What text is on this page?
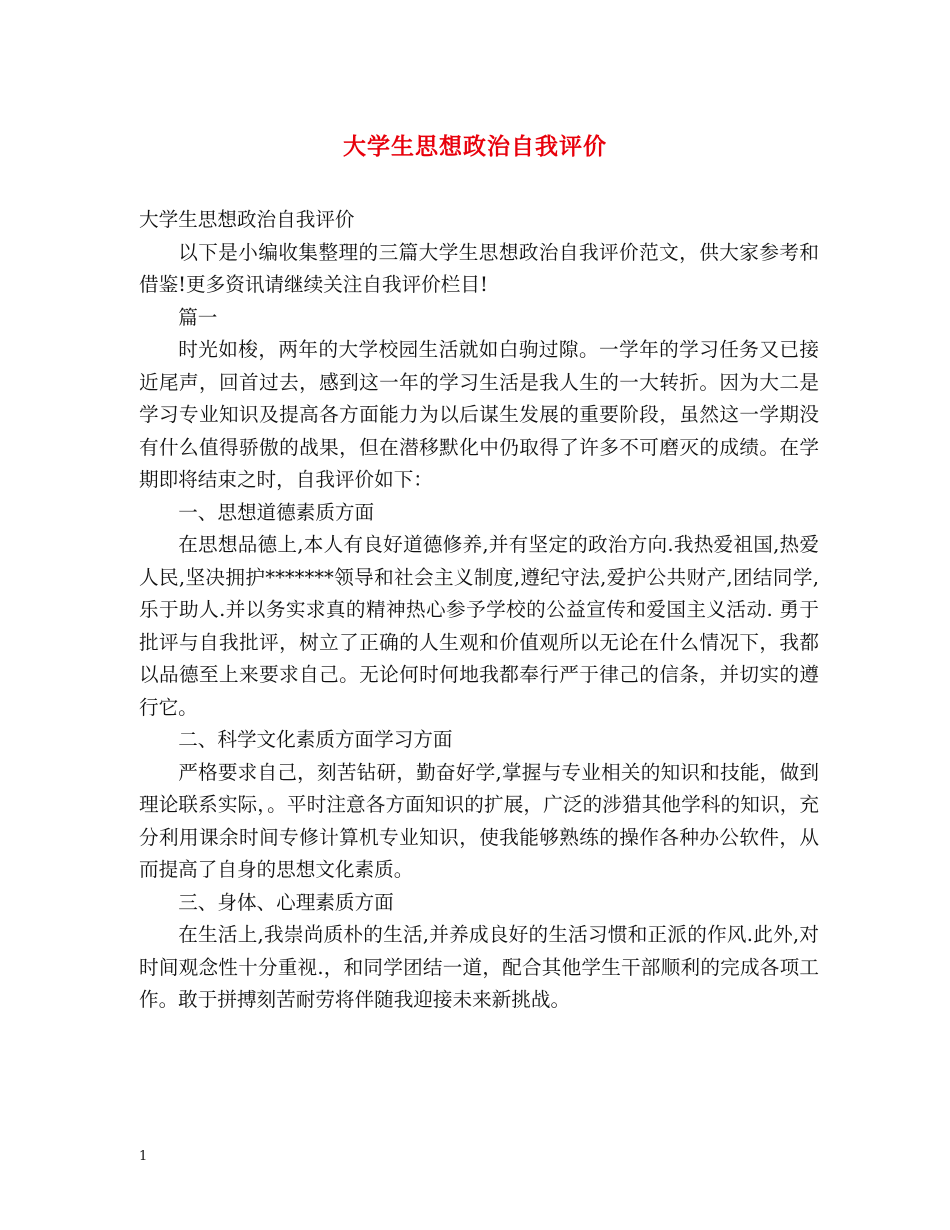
大学生思想政治自我评价

大学生思想政治自我评价

以下是小编收集整理的三篇大学生思想政治自我评价范文，供大家参考和借鉴!更多资讯请继续关注自我评价栏目!

篇一

时光如梭，两年的大学校园生活就如白驹过隙。一学年的学习任务又已接近尾声，回首过去，感到这一年的学习生活是我人生的一大转折。因为大二是学习专业知识及提高各方面能力为以后谋生发展的重要阶段，虽然这一学期没有什么值得骄傲的战果，但在潜移默化中仍取得了许多不可磨灭的成绩。在学期即将结束之时，自我评价如下：

一、思想道德素质方面

在思想品德上,本人有良好道德修养,并有坚定的政治方向.我热爱祖国,热爱人民,坚决拥护*******领导和社会主义制度,遵纪守法,爱护公共财产,团结同学,乐于助人.并以务实求真的精神热心参予学校的公益宣传和爱国主义活动. 勇于批评与自我批评，树立了正确的人生观和价值观所以无论在什么情况下，我都以品德至上来要求自己。无论何时何地我都奉行严于律己的信条，并切实的遵行它。

二、科学文化素质方面学习方面

严格要求自己，刻苦钻研，勤奋好学,掌握与专业相关的知识和技能，做到理论联系实际，。平时注意各方面知识的扩展，广泛的涉猎其他学科的知识，充分利用课余时间专修计算机专业知识，使我能够熟练的操作各种办公软件，从而提高了自身的思想文化素质。

三、身体、心理素质方面

在生活上,我崇尚质朴的生活,并养成良好的生活习惯和正派的作风.此外,对时间观念性十分重视.，和同学团结一道，配合其他学生干部顺利的完成各项工作。敢于拼搏刻苦耐劳将伴随我迎接未来新挑战。

1
